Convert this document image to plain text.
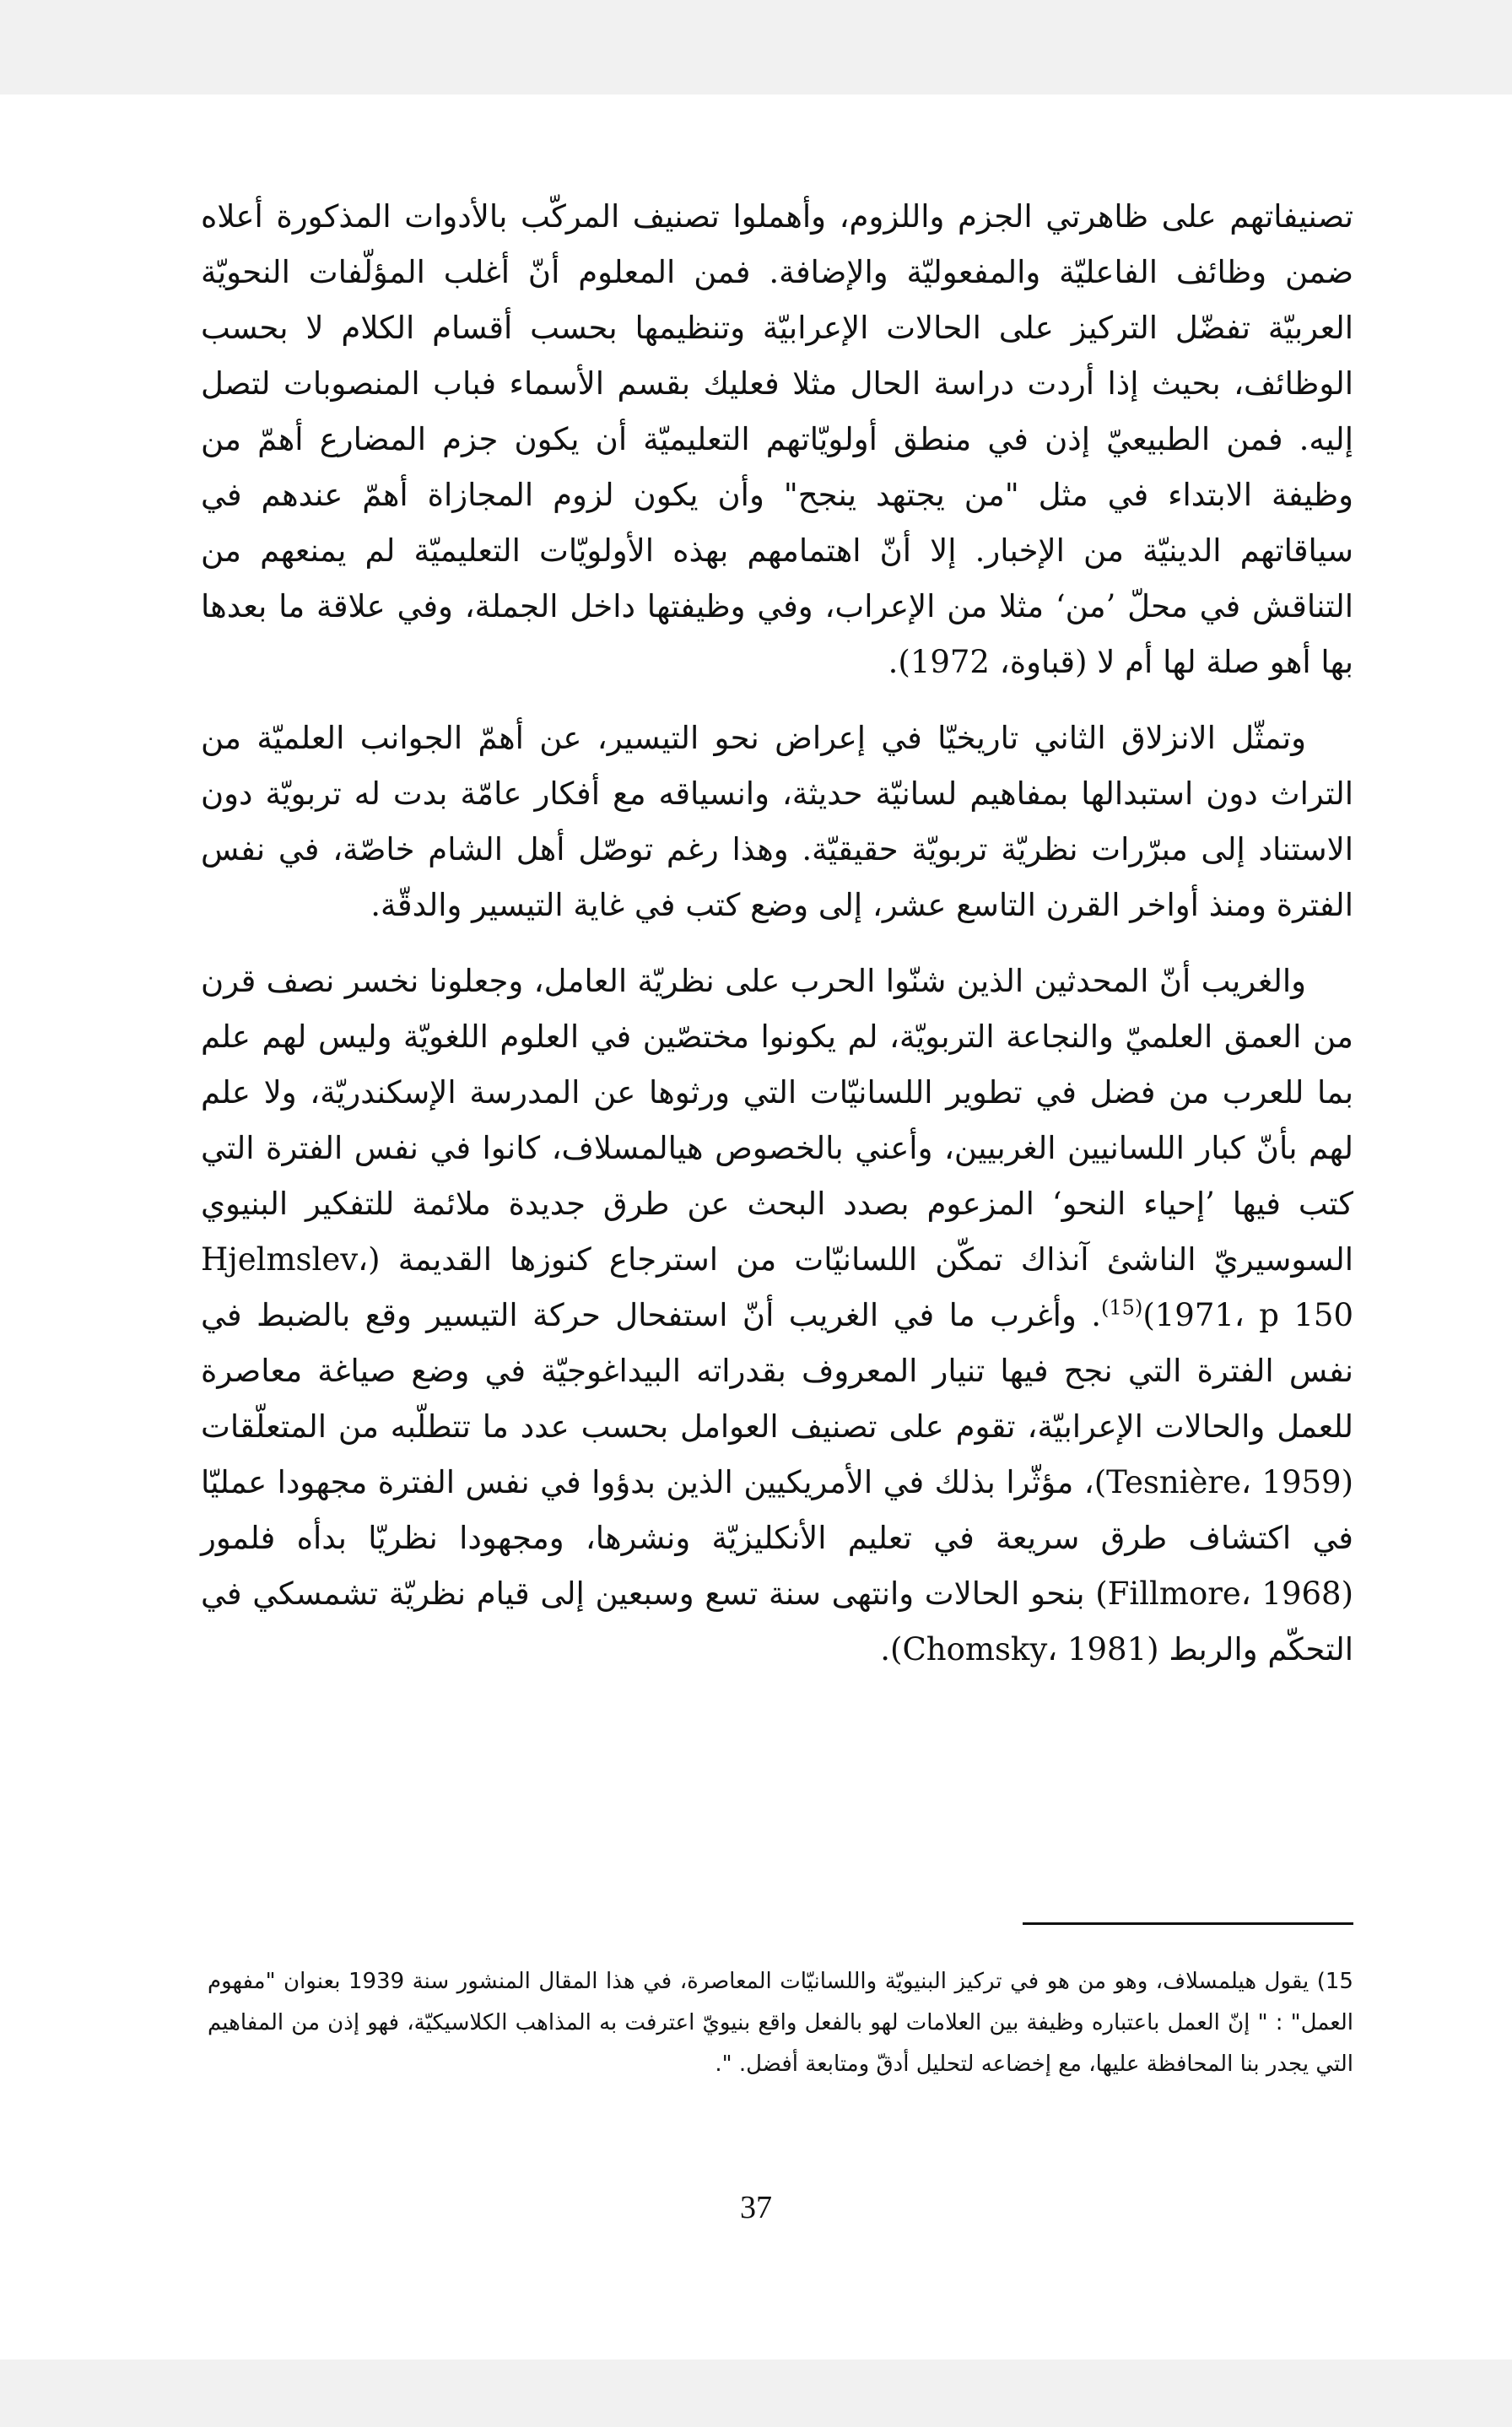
تصنيفاتهم على ظاهرتي الجزم واللزوم، وأهملوا تصنيف المركّب بالأدوات المذكورة أعلاه ضمن وظائف الفاعليّة والمفعوليّة والإضافة. فمن المعلوم أنّ أغلب المؤلّفات النحويّة العربيّة تفضّل التركيز على الحالات الإعرابيّة وتنظيمها بحسب أقسام الكلام لا بحسب الوظائف، بحيث إذا أردت دراسة الحال مثلا فعليك بقسم الأسماء فباب المنصوبات لتصل إليه. فمن الطبيعيّ إذن في منطق أولويّاتهم التعليميّة أن يكون جزم المضارع أهمّ من وظيفة الابتداء في مثل "من يجتهد ينجح" وأن يكون لزوم المجازاة أهمّ عندهم في سياقاتهم الدينيّة من الإخبار. إلا أنّ اهتمامهم بهذه الأولويّات التعليميّة لم يمنعهم من التناقش في محلّ ’من‘ مثلا من الإعراب، وفي وظيفتها داخل الجملة، وفي علاقة ما بعدها بها أهو صلة لها أم لا (قباوة، 1972).

وتمثّل الانزلاق الثاني تاريخيّا في إعراض نحو التيسير، عن أهمّ الجوانب العلميّة من التراث دون استبدالها بمفاهيم لسانيّة حديثة، وانسياقه مع أفكار عامّة بدت له تربويّة دون الاستناد إلى مبرّرات نظريّة تربويّة حقيقيّة. وهذا رغم توصّل أهل الشام خاصّة، في نفس الفترة ومنذ أواخر القرن التاسع عشر، إلى وضع كتب في غاية التيسير والدقّة.

والغريب أنّ المحدثين الذين شنّوا الحرب على نظريّة العامل، وجعلونا نخسر نصف قرن من العمق العلميّ والنجاعة التربويّة، لم يكونوا مختصّين في العلوم اللغويّة وليس لهم علم بما للعرب من فضل في تطوير اللسانيّات التي ورثوها عن المدرسة الإسكندريّة، ولا علم لهم بأنّ كبار اللسانيين الغربيين، وأعني بالخصوص هيالمسلاف، كانوا في نفس الفترة التي كتب فيها ’إحياء النحو‘ المزعوم بصدد البحث عن طرق جديدة ملائمة للتفكير البنيوي السوسيريّ الناشئ آنذاك تمكّن اللسانيّات من استرجاع كنوزها القديمة (Hjelmslev، 1971، p 150)$^{(15)}$. وأغرب ما في الغريب أنّ استفحال حركة التيسير وقع بالضبط في نفس الفترة التي نجح فيها تنيار المعروف بقدراته البيداغوجيّة في وضع صياغة معاصرة للعمل والحالات الإعرابيّة، تقوم على تصنيف العوامل بحسب عدد ما تتطلّبه من المتعلّقات (Tesnière، 1959)، مؤثّرا بذلك في الأمريكيين الذين بدؤوا في نفس الفترة مجهودا عمليّا في اكتشاف طرق سريعة في تعليم الأنكليزيّة ونشرها، ومجهودا نظريّا بدأه فلمور (Fillmore، 1968) بنحو الحالات وانتهى سنة تسع وسبعين إلى قيام نظريّة تشمسكي في التحكّم والربط (Chomsky، 1981).

15) يقول هيلمسلاف، وهو من هو في تركيز البنيويّة واللسانيّات المعاصرة، في هذا المقال المنشور سنة 1939 بعنوان "مفهوم العمل" : " إنّ العمل باعتباره وظيفة بين العلامات لهو بالفعل واقع بنيويّ اعترفت به المذاهب الكلاسيكيّة، فهو إذن من المفاهيم التي يجدر بنا المحافظة عليها، مع إخضاعه لتحليل أدقّ ومتابعة أفضل. ".

37
